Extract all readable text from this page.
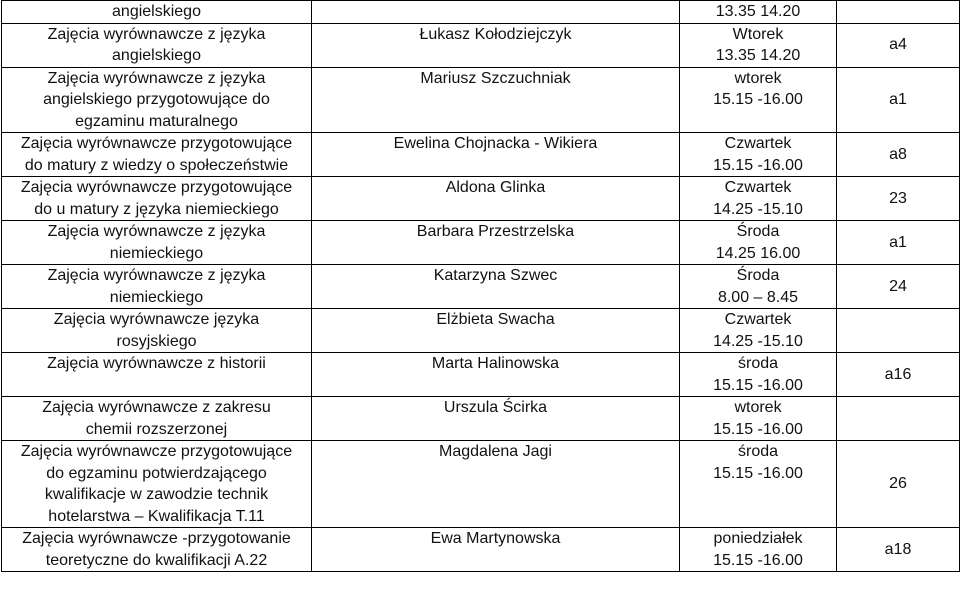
angielskiego		13.35 14.20	

Zajęcia wyrównawcze z języka
angielskiego	Łukasz Kołodziejczyk	Wtorek
13.35 14.20	a4

Zajęcia wyrównawcze z języka
angielskiego przygotowujące do
egzaminu maturalnego	Mariusz Szczuchniak	wtorek
15.15 -16.00	a1

Zajęcia wyrównawcze przygotowujące
do matury z wiedzy o społeczeństwie	Ewelina Chojnacka - Wikiera	Czwartek
15.15 -16.00	a8

Zajęcia wyrównawcze przygotowujące
do u matury z języka niemieckiego	Aldona Glinka	Czwartek
14.25 -15.10	23

Zajęcia wyrównawcze z języka
niemieckiego	Barbara Przestrzelska	Środa
14.25 16.00	a1

Zajęcia wyrównawcze z języka
niemieckiego	Katarzyna Szwec	Środa
8.00 – 8.45	24

Zajęcia wyrównawcze języka
rosyjskiego	Elżbieta Swacha	Czwartek
14.25 -15.10	

Zajęcia wyrównawcze z historii	Marta Halinowska	środa
15.15 -16.00	a16

Zajęcia wyrównawcze z zakresu
chemii rozszerzonej	Urszula Ścirka	wtorek
15.15 -16.00	

Zajęcia wyrównawcze przygotowujące
do egzaminu potwierdzającego
kwalifikacje w zawodzie technik
hotelarstwa – Kwalifikacja T.11	Magdalena Jagi	środa
15.15 -16.00	26

Zajęcia wyrównawcze -przygotowanie
teoretyczne do kwalifikacji A.22	Ewa Martynowska	poniedziałek
15.15 -16.00	a18
